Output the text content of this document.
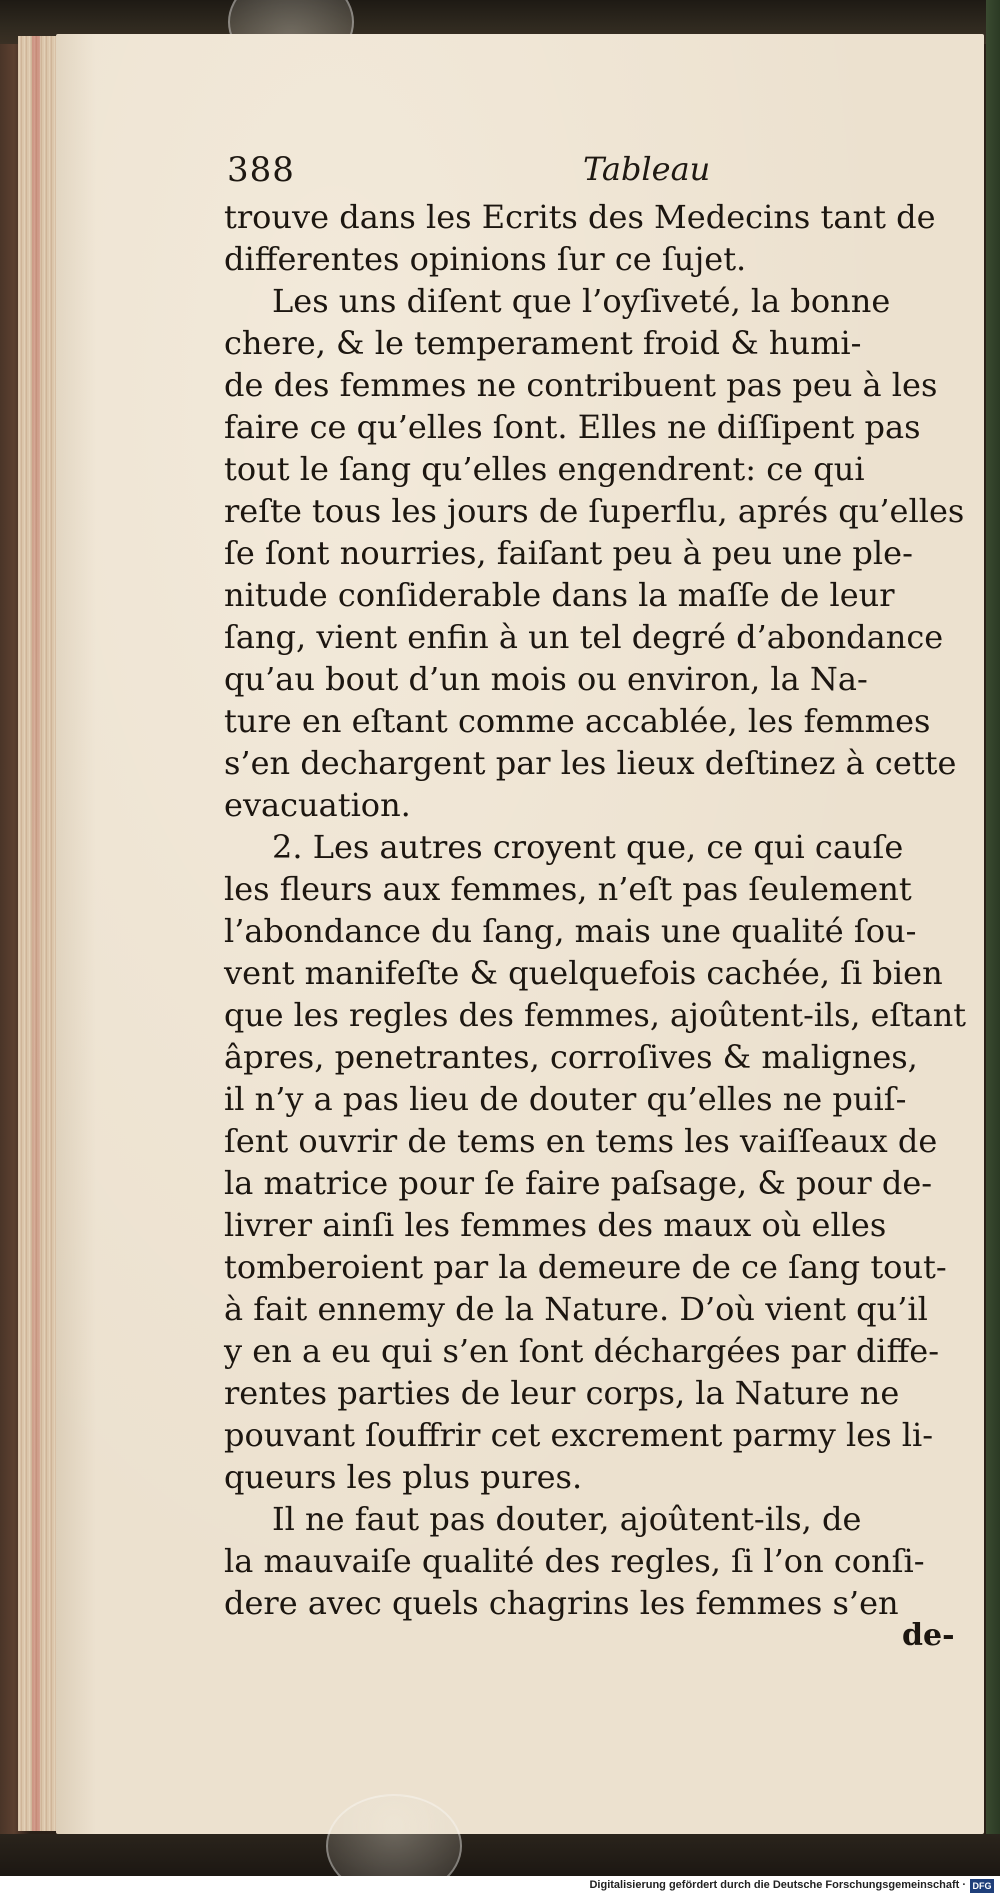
388	Tableau
trouve dans les Ecrits des Medecins tant de
differentes opinions ſur ce ſujet.
Les uns diſent que l’oyſiveté, la bonne
chere, & le temperament froid & humi-
de des femmes ne contribuent pas peu à les
faire ce qu’elles ſont. Elles ne diſſipent pas
tout le ſang qu’elles engendrent: ce qui
reſte tous les jours de ſuperflu, aprés qu’elles
ſe ſont nourries, faiſant peu à peu une ple-
nitude conſiderable dans la maſſe de leur
ſang, vient enfin à un tel degré d’abondance
qu’au bout d’un mois ou environ, la Na-
ture en eſtant comme accablée, les femmes
s’en dechargent par les lieux deſtinez à cette
evacuation.
2. Les autres croyent que, ce qui cauſe
les fleurs aux femmes, n’eſt pas ſeulement
l’abondance du ſang, mais une qualité ſou-
vent manifeſte & quelquefois cachée, ſi bien
que les regles des femmes, ajoûtent-ils, eſtant
âpres, penetrantes, corroſives & malignes,
il n’y a pas lieu de douter qu’elles ne puiſ-
ſent ouvrir de tems en tems les vaiſſeaux de
la matrice pour ſe faire paſsage, & pour de-
livrer ainſi les femmes des maux où elles
tomberoient par la demeure de ce ſang tout-
à fait ennemy de la Nature. D’où vient qu’il
y en a eu qui s’en ſont déchargées par diffe-
rentes parties de leur corps, la Nature ne
pouvant ſouffrir cet excrement parmy les li-
queurs les plus pures.
Il ne faut pas douter, ajoûtent-ils, de
la mauvaiſe qualité des regles, ſi l’on conſi-
dere avec quels chagrins les femmes s’en
de-
Digitalisierung gefördert durch die Deutsche Forschungsgemeinschaft · DFG
